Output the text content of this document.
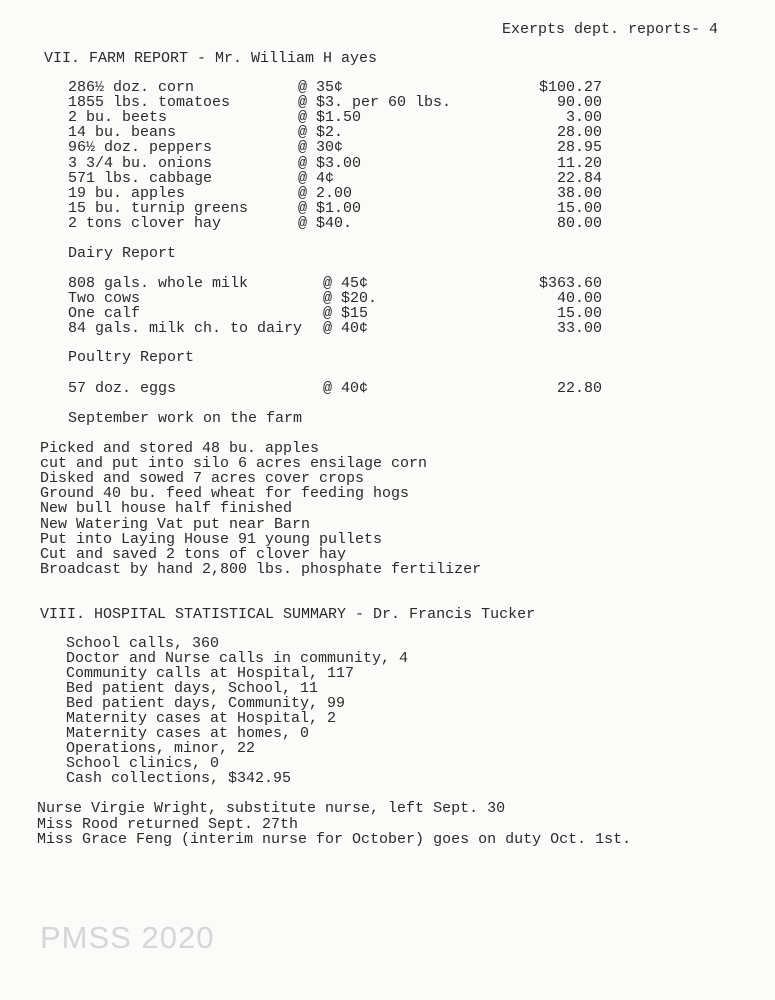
Exerpts dept. reports- 4
VII. FARM REPORT - Mr. William H ayes
286½ doz. corn	@ 35¢	$100.27
1855 lbs. tomatoes	@ $3. per 60 lbs.	90.00
2 bu. beets	@ $1.50	3.00
14 bu. beans	@ $2.	28.00
96½ doz. peppers	@ 30¢	28.95
3 3/4 bu. onions	@ $3.00	11.20
571 lbs. cabbage	@ 4¢	22.84
19 bu. apples	@ 2.00	38.00
15 bu. turnip greens	@ $1.00	15.00
2 tons clover hay	@ $40.	80.00
Dairy Report
808 gals. whole milk	@ 45¢	$363.60
Two cows	@ $20.	40.00
One calf	@ $15	15.00
84 gals. milk ch. to dairy @ 40¢	33.00
Poultry Report
57 doz. eggs	@ 40¢	22.80
September work on the farm
Picked and stored 48 bu. apples
cut and put into silo 6 acres ensilage corn
Disked and sowed 7 acres cover crops
Ground 40 bu. feed wheat for feeding hogs
New bull house half finished
New Watering Vat put near Barn
Put into Laying House 91 young pullets
Cut and saved 2 tons of clover hay
Broadcast by hand 2,800 lbs. phosphate fertilizer
VIII. HOSPITAL STATISTICAL SUMMARY - Dr. Francis Tucker
School calls, 360
Doctor and Nurse calls in community, 4
Community calls at Hospital, 117
Bed patient days, School, 11
Bed patient days, Community, 99
Maternity cases at Hospital, 2
Maternity cases at homes, 0
Operations, minor, 22
School clinics, 0
Cash collections, $342.95
Nurse Virgie Wright, substitute nurse, left Sept. 30
Miss Rood returned Sept. 27th
Miss Grace Feng (interim nurse for October) goes on duty Oct. 1st.
PMSS 2020
